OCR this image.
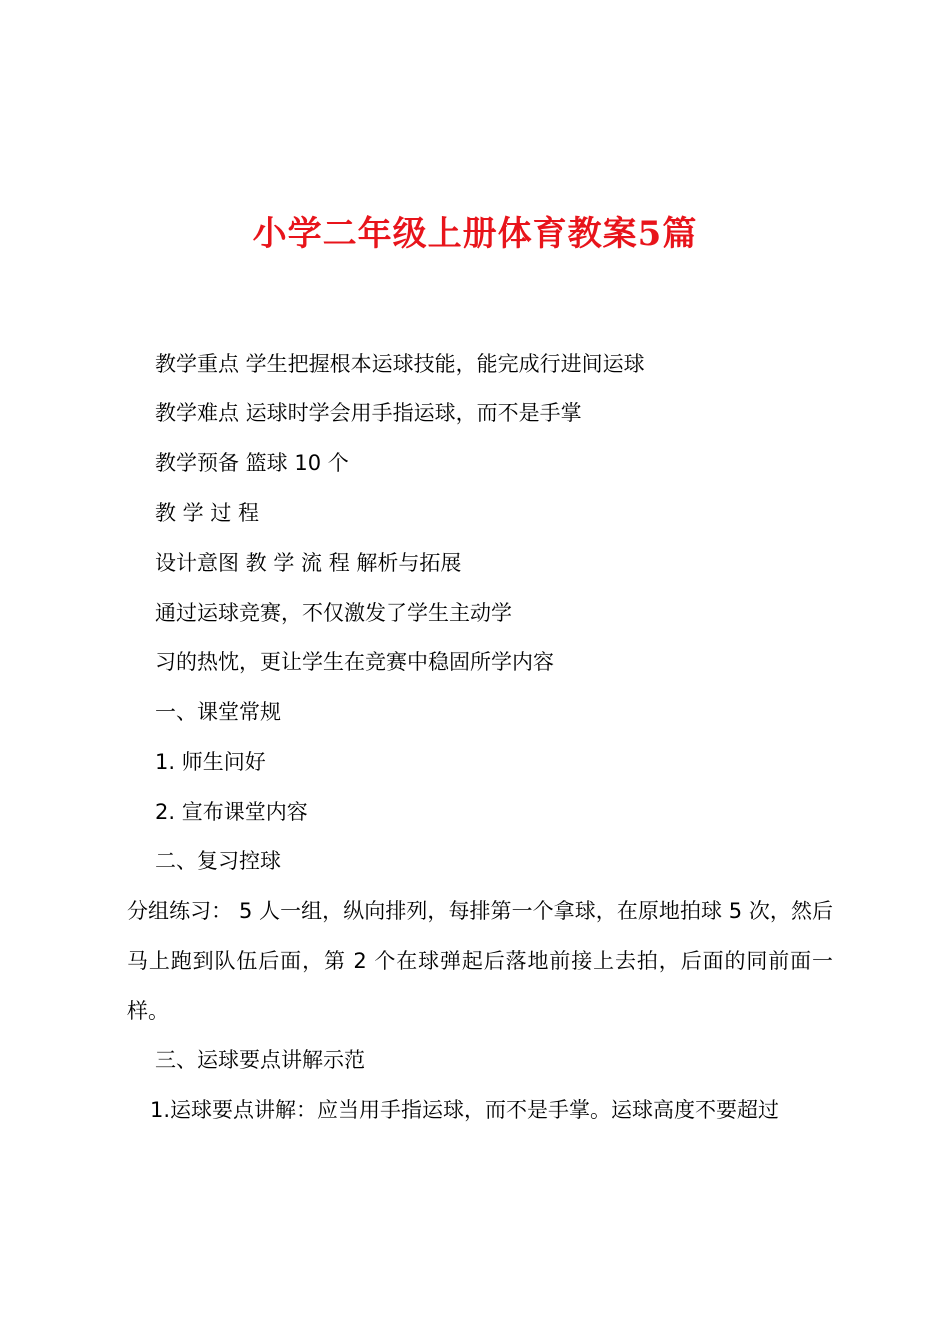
小学二年级上册体育教案5篇
教学重点 学生把握根本运球技能，能完成行进间运球
教学难点 运球时学会用手指运球，而不是手掌
教学预备 篮球 10 个
教 学 过 程
设计意图 教 学 流 程 解析与拓展
通过运球竞赛，不仅激发了学生主动学
习的热忱，更让学生在竞赛中稳固所学内容
一、课堂常规
1. 师生问好
2. 宣布课堂内容
二、复习控球
分组练习： 5 人一组，纵向排列，每排第一个拿球，在原地拍球 5 次，然后马上跑到队伍后面，第 2 个在球弹起后落地前接上去拍，后面的同前面一样。
三、运球要点讲解示范
1.运球要点讲解：应当用手指运球，而不是手掌。运球高度不要超过
